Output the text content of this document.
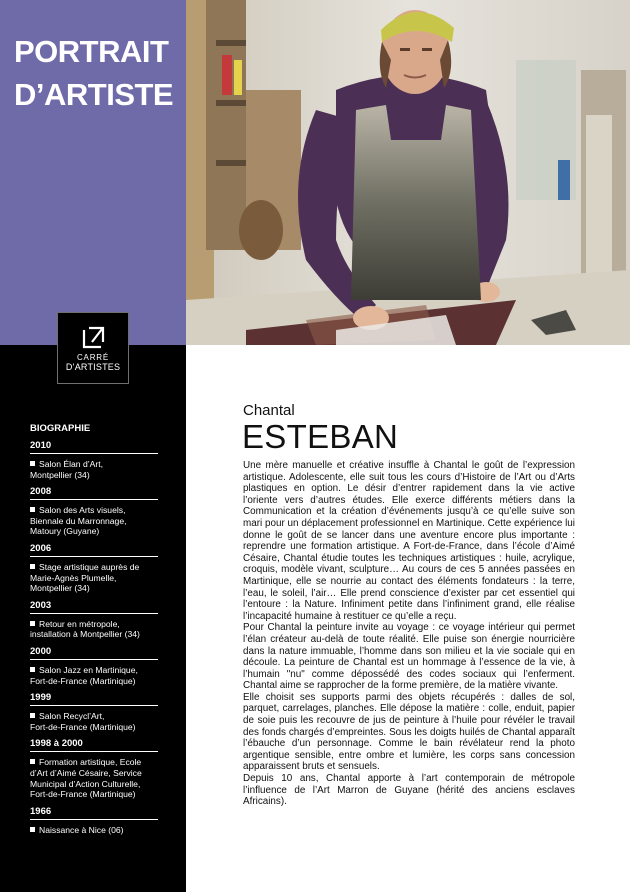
PORTRAIT
D’ARTISTE
CARRÉ
D’ARTISTES
BIOGRAPHIE
2010
Salon Élan d’Art,
Montpellier (34)
2008
Salon des Arts visuels,
Biennale du Marronnage,
Matoury (Guyane)
2006
Stage artistique auprès de
Marie-Agnès Plumelle,
Montpellier (34)
2003
Retour en métropole,
installation à Montpellier (34)
2000
Salon Jazz en Martinique,
Fort-de-France (Martinique)
1999
Salon Recycl’Art,
Fort-de-France (Martinique)
1998 à 2000
Formation artistique, Ecole
d’Art d’Aimé Césaire, Service
Municipal d’Action Culturelle,
Fort-de-France (Martinique)
1966
Naissance à Nice (06)
Chantal
ESTEBAN

Une mère manuelle et créative insuffle à Chantal le goût de l’expression artistique. Adolescente, elle suit tous les cours d’Histoire de l’Art ou d’Arts plastiques en option. Le désir d’entrer rapidement dans la vie active l’oriente vers d’autres études. Elle exerce différents métiers dans la Communication et la création d’événements jusqu’à ce qu’elle suive son mari pour un déplacement professionnel en Martinique. Cette expérience lui donne le goût de se lancer dans une aventure encore plus importante : reprendre une formation artistique. A Fort-de-France, dans l’école d’Aimé Césaire, Chantal étudie toutes les techniques artistiques : huile, acrylique, croquis, modèle vivant, sculpture… Au cours de ces 5 années passées en Martinique, elle se nourrie au contact des éléments fondateurs : la terre, l’eau, le soleil, l’air… Elle prend conscience d’exister par cet essentiel qui l’entoure : la Nature. Infiniment petite dans l’infiniment grand, elle réalise l’incapacité humaine à restituer ce qu’elle a reçu.

Pour Chantal la peinture invite au voyage : ce voyage intérieur qui permet l’élan créateur au-delà de toute réalité. Elle puise son énergie nourricière dans la nature immuable, l’homme dans son milieu et la vie sociale qui en découle. La peinture de Chantal est un hommage à l’essence de la vie, à l’humain "nu" comme dépossédé des codes sociaux qui l’enferment. Chantal aime se rapprocher de la forme première, de la matière vivante.

Elle choisit ses supports parmi des objets récupérés : dalles de sol, parquet, carrelages, planches. Elle dépose la matière : colle, enduit, papier de soie puis les recouvre de jus de peinture à l’huile pour révéler le travail des fonds chargés d’empreintes. Sous les doigts huilés de Chantal apparaît l’ébauche d’un personnage. Comme le bain révélateur rend la photo argentique sensible, entre ombre et lumière, les corps sans concession apparaissent bruts et sensuels.

Depuis 10 ans, Chantal apporte à l’art contemporain de métropole l’influence de l’Art Marron de Guyane (hérité des anciens esclaves Africains).
